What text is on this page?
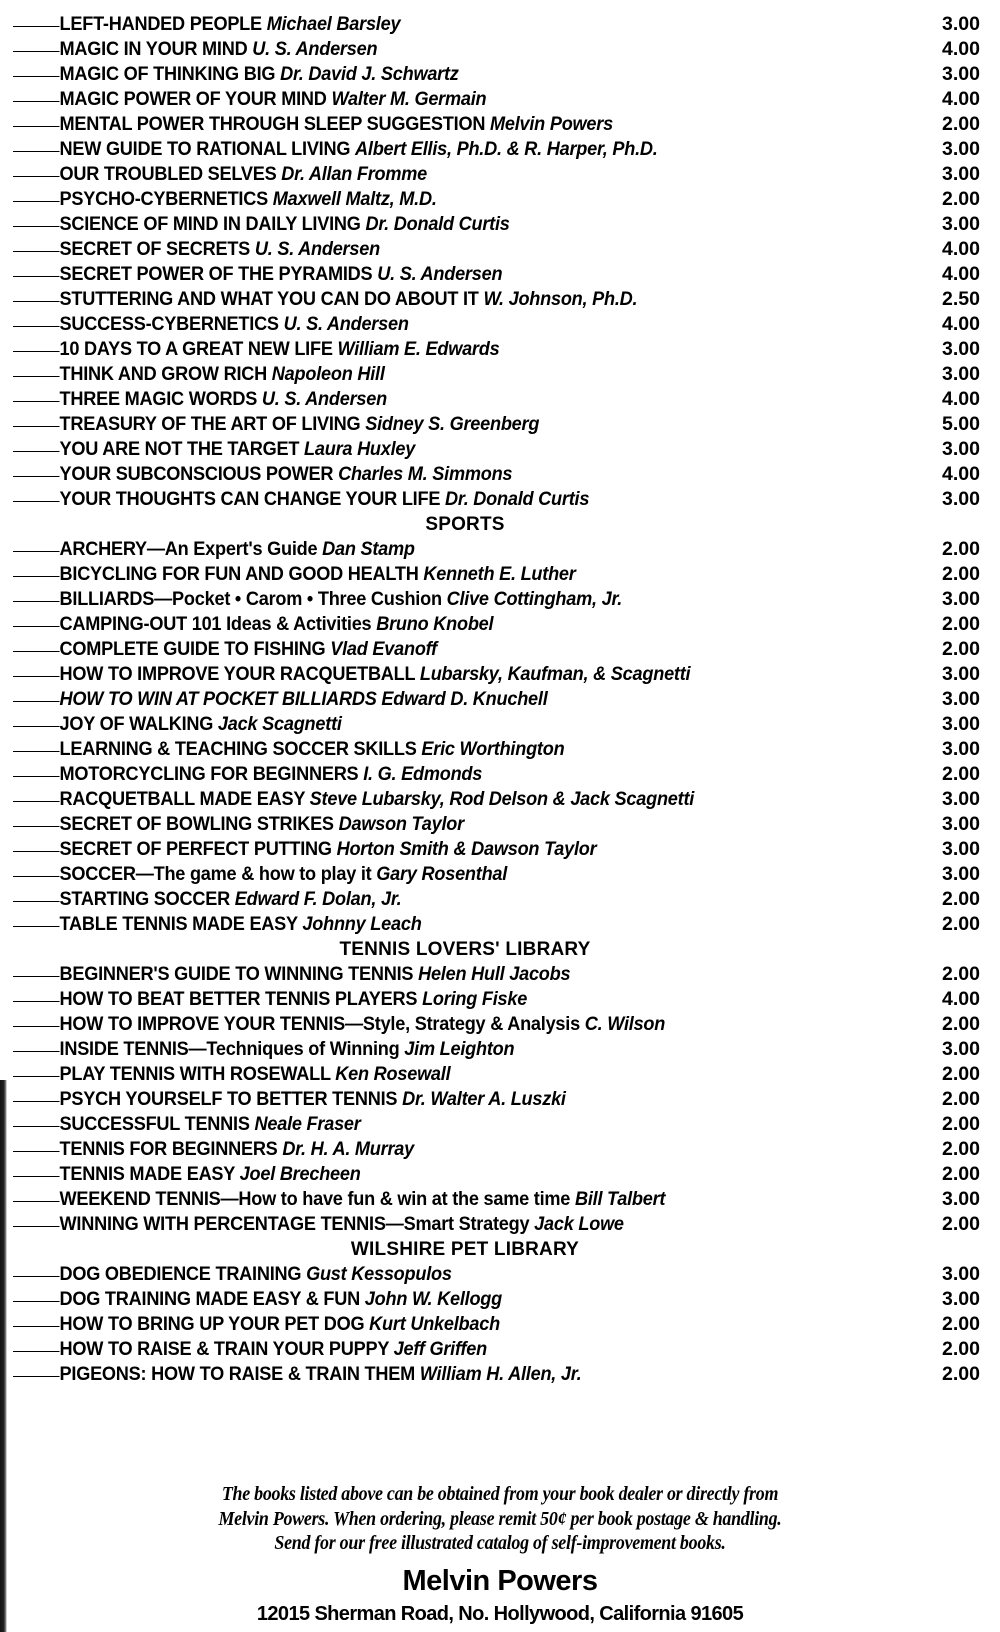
LEFT-HANDED PEOPLE Michael Barsley	3.00
MAGIC IN YOUR MIND U. S. Andersen	4.00
MAGIC OF THINKING BIG Dr. David J. Schwartz	3.00
MAGIC POWER OF YOUR MIND Walter M. Germain	4.00
MENTAL POWER THROUGH SLEEP SUGGESTION Melvin Powers	2.00
NEW GUIDE TO RATIONAL LIVING Albert Ellis, Ph.D. & R. Harper, Ph.D.	3.00
OUR TROUBLED SELVES Dr. Allan Fromme	3.00
PSYCHO-CYBERNETICS Maxwell Maltz, M.D.	2.00
SCIENCE OF MIND IN DAILY LIVING Dr. Donald Curtis	3.00
SECRET OF SECRETS U. S. Andersen	4.00
SECRET POWER OF THE PYRAMIDS U. S. Andersen	4.00
STUTTERING AND WHAT YOU CAN DO ABOUT IT W. Johnson, Ph.D.	2.50
SUCCESS-CYBERNETICS U. S. Andersen	4.00
10 DAYS TO A GREAT NEW LIFE William E. Edwards	3.00
THINK AND GROW RICH Napoleon Hill	3.00
THREE MAGIC WORDS U. S. Andersen	4.00
TREASURY OF THE ART OF LIVING Sidney S. Greenberg	5.00
YOU ARE NOT THE TARGET Laura Huxley	3.00
YOUR SUBCONSCIOUS POWER Charles M. Simmons	4.00
YOUR THOUGHTS CAN CHANGE YOUR LIFE Dr. Donald Curtis	3.00
SPORTS
ARCHERY—An Expert's Guide Dan Stamp	2.00
BICYCLING FOR FUN AND GOOD HEALTH Kenneth E. Luther	2.00
BILLIARDS—Pocket • Carom • Three Cushion Clive Cottingham, Jr.	3.00
CAMPING-OUT 101 Ideas & Activities Bruno Knobel	2.00
COMPLETE GUIDE TO FISHING Vlad Evanoff	2.00
HOW TO IMPROVE YOUR RACQUETBALL Lubarsky, Kaufman, & Scagnetti	3.00
HOW TO WIN AT POCKET BILLIARDS Edward D. Knuchell	3.00
JOY OF WALKING Jack Scagnetti	3.00
LEARNING & TEACHING SOCCER SKILLS Eric Worthington	3.00
MOTORCYCLING FOR BEGINNERS I. G. Edmonds	2.00
RACQUETBALL MADE EASY Steve Lubarsky, Rod Delson & Jack Scagnetti	3.00
SECRET OF BOWLING STRIKES Dawson Taylor	3.00
SECRET OF PERFECT PUTTING Horton Smith & Dawson Taylor	3.00
SOCCER—The game & how to play it Gary Rosenthal	3.00
STARTING SOCCER Edward F. Dolan, Jr.	2.00
TABLE TENNIS MADE EASY Johnny Leach	2.00
TENNIS LOVERS' LIBRARY
BEGINNER'S GUIDE TO WINNING TENNIS Helen Hull Jacobs	2.00
HOW TO BEAT BETTER TENNIS PLAYERS Loring Fiske	4.00
HOW TO IMPROVE YOUR TENNIS—Style, Strategy & Analysis C. Wilson	2.00
INSIDE TENNIS—Techniques of Winning Jim Leighton	3.00
PLAY TENNIS WITH ROSEWALL Ken Rosewall	2.00
PSYCH YOURSELF TO BETTER TENNIS Dr. Walter A. Luszki	2.00
SUCCESSFUL TENNIS Neale Fraser	2.00
TENNIS FOR BEGINNERS Dr. H. A. Murray	2.00
TENNIS MADE EASY Joel Brecheen	2.00
WEEKEND TENNIS—How to have fun & win at the same time Bill Talbert	3.00
WINNING WITH PERCENTAGE TENNIS—Smart Strategy Jack Lowe	2.00
WILSHIRE PET LIBRARY
DOG OBEDIENCE TRAINING Gust Kessopulos	3.00
DOG TRAINING MADE EASY & FUN John W. Kellogg	3.00
HOW TO BRING UP YOUR PET DOG Kurt Unkelbach	2.00
HOW TO RAISE & TRAIN YOUR PUPPY Jeff Griffen	2.00
PIGEONS: HOW TO RAISE & TRAIN THEM William H. Allen, Jr.	2.00
The books listed above can be obtained from your book dealer or directly from
Melvin Powers. When ordering, please remit 50¢ per book postage & handling.
Send for our free illustrated catalog of self-improvement books.
Melvin Powers
12015 Sherman Road, No. Hollywood, California 91605
